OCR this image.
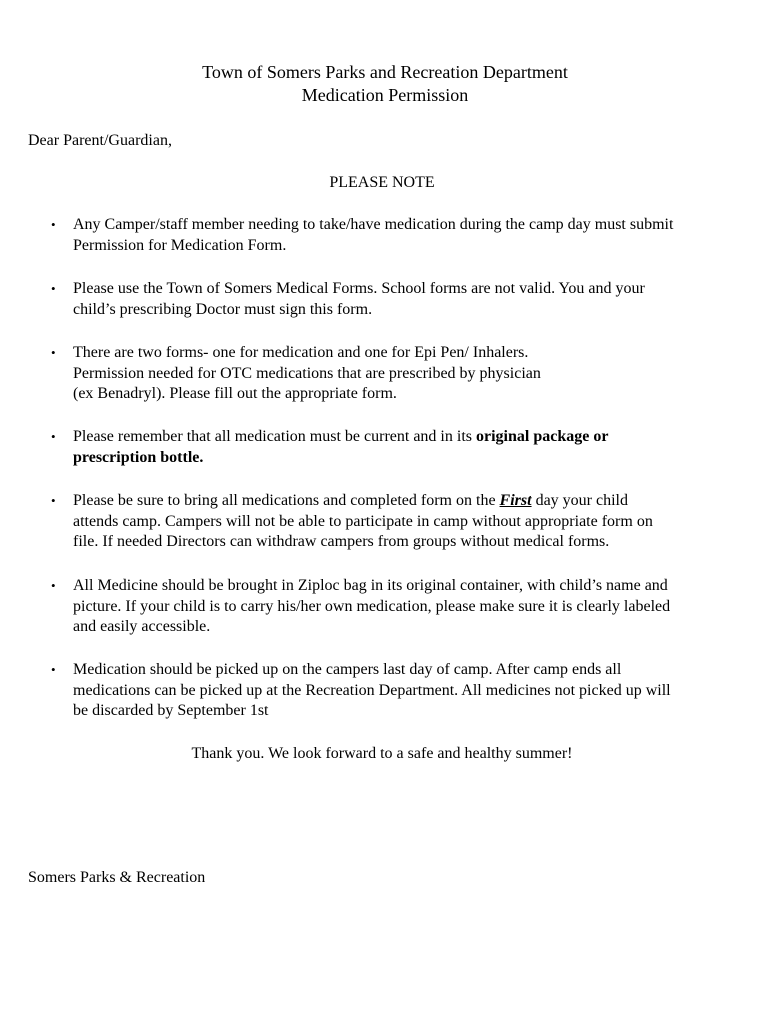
Town of Somers Parks and Recreation Department
Medication Permission
Dear Parent/Guardian,
PLEASE NOTE
• Any Camper/staff member needing to take/have medication during the camp day must submit
Permission for Medication Form.
• Please use the Town of Somers Medical Forms. School forms are not valid. You and your
child’s prescribing Doctor must sign this form.
• There are two forms- one for medication and one for Epi Pen/ Inhalers.
Permission needed for OTC medications that are prescribed by physician
(ex Benadryl). Please fill out the appropriate form.
• Please remember that all medication must be current and in its original package or
prescription bottle.
• Please be sure to bring all medications and completed form on the First day your child
attends camp. Campers will not be able to participate in camp without appropriate form on
file. If needed Directors can withdraw campers from groups without medical forms.
• All Medicine should be brought in Ziploc bag in its original container, with child’s name and
picture. If your child is to carry his/her own medication, please make sure it is clearly labeled
and easily accessible.
• Medication should be picked up on the campers last day of camp. After camp ends all
medications can be picked up at the Recreation Department. All medicines not picked up will
be discarded by September 1st
Thank you. We look forward to a safe and healthy summer!
Somers Parks & Recreation
